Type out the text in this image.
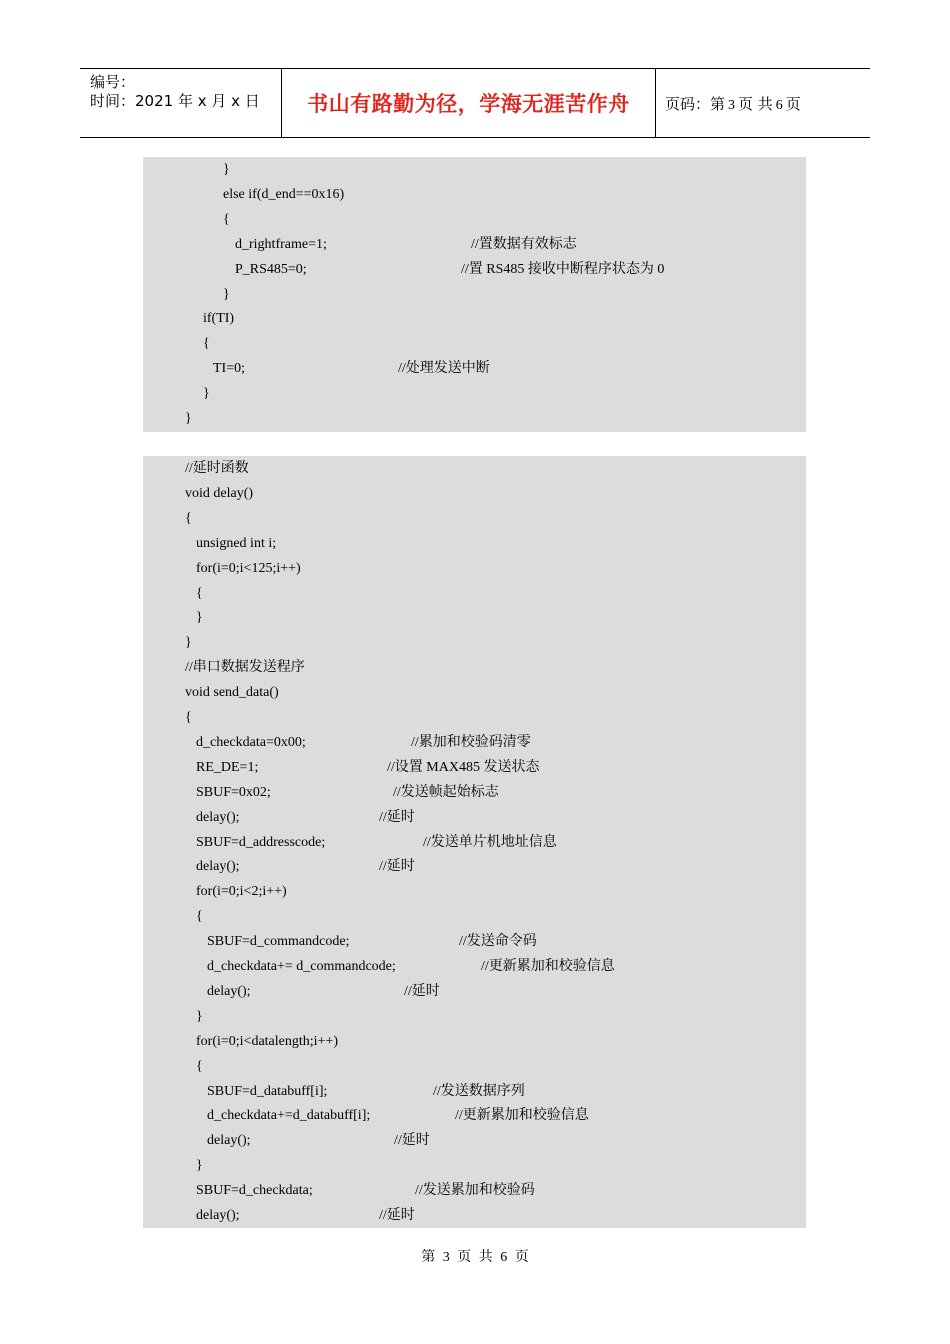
编号：
时间：2021 年 x 月 x 日 书山有路勤为径，学海无涯苦作舟	页码：第 3 页 共 6 页
}
else if(d_end==0x16)
{
d_rightframe=1;	//置数据有效标志
P_RS485=0;	//置 RS485 接收中断程序状态为 0
}
if(TI)
{
TI=0;	//处理发送中断
}
}
//延时函数
void delay()
{
unsigned int i;
for(i=0;i<125;i++)
{
}
}
//串口数据发送程序
void send_data()
{
d_checkdata=0x00;	//累加和校验码清零
RE_DE=1;	//设置 MAX485 发送状态
SBUF=0x02;	//发送帧起始标志
delay();	//延时
SBUF=d_addresscode;	//发送单片机地址信息
delay();	//延时
for(i=0;i<2;i++)
{
SBUF=d_commandcode;	//发送命令码
d_checkdata+= d_commandcode;	//更新累加和校验信息
delay();	//延时
}
for(i=0;i<datalength;i++)
{
SBUF=d_databuff[i];	//发送数据序列
d_checkdata+=d_databuff[i];	//更新累加和校验信息
delay();	//延时
}
SBUF=d_checkdata;	//发送累加和校验码
delay();	//延时
第 3 页 共 6 页
